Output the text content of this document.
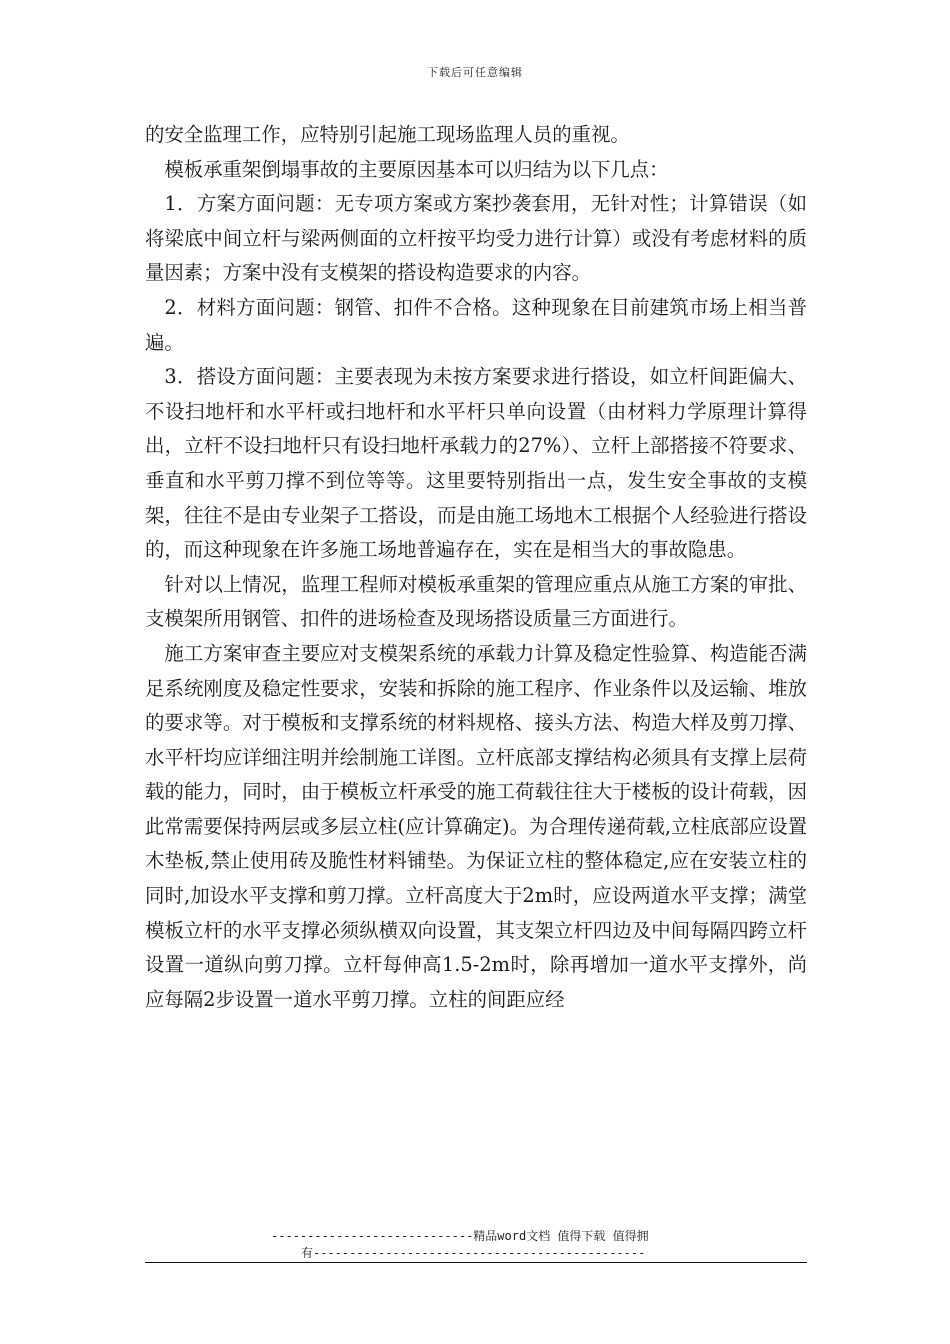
下载后可任意编辑

的安全监理工作，应特别引起施工现场监理人员的重视。

模板承重架倒塌事故的主要原因基本可以归结为以下几点：

1．方案方面问题：无专项方案或方案抄袭套用，无针对性；计算错误（如将梁底中间立杆与梁两侧面的立杆按平均受力进行计算）或没有考虑材料的质量因素；方案中没有支模架的搭设构造要求的内容。

2．材料方面问题：钢管、扣件不合格。这种现象在目前建筑市场上相当普遍。

3．搭设方面问题：主要表现为未按方案要求进行搭设，如立杆间距偏大、不设扫地杆和水平杆或扫地杆和水平杆只单向设置（由材料力学原理计算得出，立杆不设扫地杆只有设扫地杆承载力的27%）、立杆上部搭接不符要求、垂直和水平剪刀撑不到位等等。这里要特别指出一点，发生安全事故的支模架，往往不是由专业架子工搭设，而是由施工场地木工根据个人经验进行搭设的，而这种现象在许多施工场地普遍存在，实在是相当大的事故隐患。

针对以上情况，监理工程师对模板承重架的管理应重点从施工方案的审批、支模架所用钢管、扣件的进场检查及现场搭设质量三方面进行。

施工方案审查主要应对支模架系统的承载力计算及稳定性验算、构造能否满足系统刚度及稳定性要求，安装和拆除的施工程序、作业条件以及运输、堆放的要求等。对于模板和支撑系统的材料规格、接头方法、构造大样及剪刀撑、水平杆均应详细注明并绘制施工详图。立杆底部支撑结构必须具有支撑上层荷载的能力，同时，由于模板立杆承受的施工荷载往往大于楼板的设计荷载，因此常需要保持两层或多层立柱(应计算确定)。为合理传递荷载,立柱底部应设置木垫板,禁止使用砖及脆性材料铺垫。为保证立柱的整体稳定,应在安装立柱的同时,加设水平支撑和剪刀撑。立杆高度大于2m时，应设两道水平支撑；满堂模板立杆的水平支撑必须纵横双向设置，其支架立杆四边及中间每隔四跨立杆设置一道纵向剪刀撑。立杆每伸高1.5-2m时，除再增加一道水平支撑外，尚应每隔2步设置一道水平剪刀撑。立柱的间距应经

----------------------------精品word文档 值得下载 值得拥
有----------------------------------------------
